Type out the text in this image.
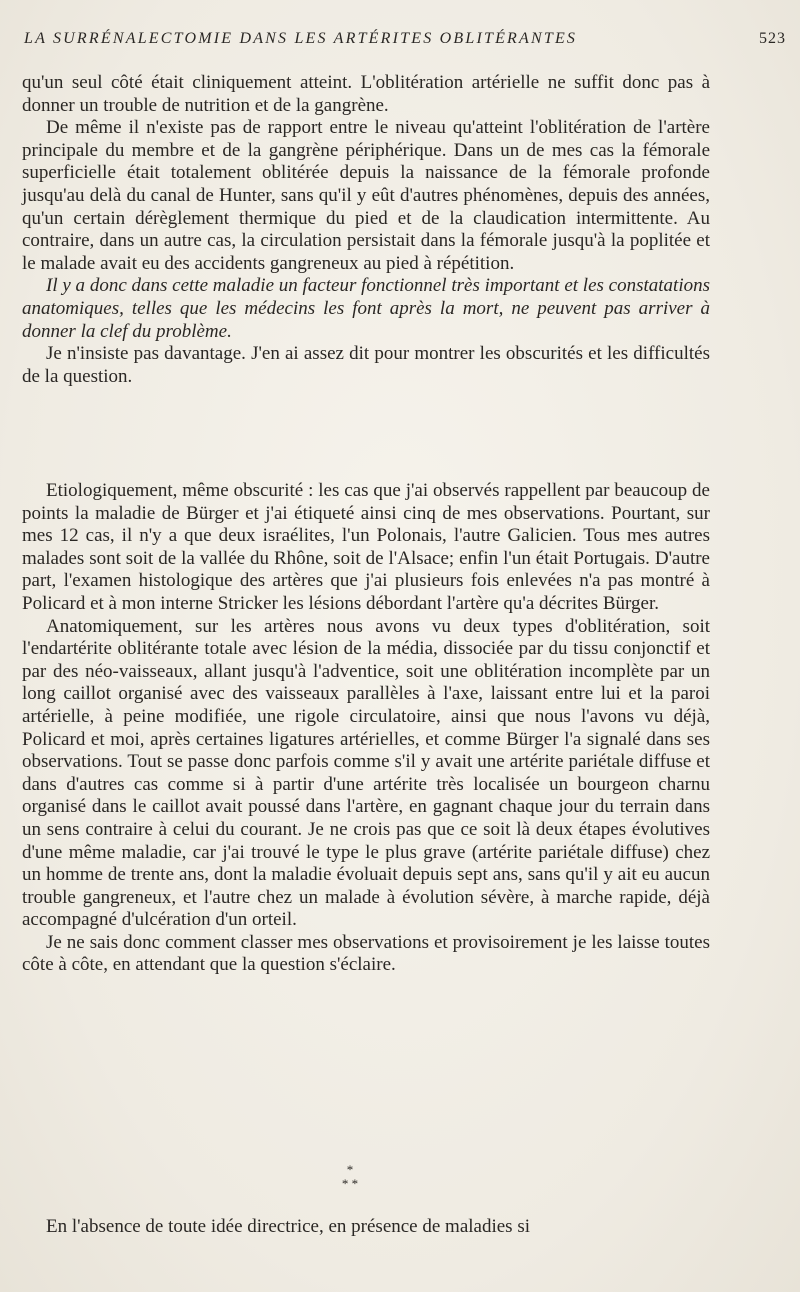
LA SURRÉNALECTOMIE DANS LES ARTÉRITES OBLITÉRANTES	523

qu'un seul côté était cliniquement atteint. L'oblitération artérielle ne suffit donc pas à donner un trouble de nutrition et de la gangrène.

De même il n'existe pas de rapport entre le niveau qu'atteint l'oblitération de l'artère principale du membre et de la gangrène périphérique. Dans un de mes cas la fémorale superficielle était totalement oblitérée depuis la naissance de la fémorale profonde jusqu'au delà du canal de Hunter, sans qu'il y eût d'autres phénomènes, depuis des années, qu'un certain dérèglement thermique du pied et de la claudication intermittente. Au contraire, dans un autre cas, la circulation persistait dans la fémorale jusqu'à la poplitée et le malade avait eu des accidents gangreneux au pied à répétition.

Il y a donc dans cette maladie un facteur fonctionnel très important et les constatations anatomiques, telles que les médecins les font après la mort, ne peuvent pas arriver à donner la clef du problème.

Je n'insiste pas davantage. J'en ai assez dit pour montrer les obscurités et les difficultés de la question.

Etiologiquement, même obscurité : les cas que j'ai observés rappellent par beaucoup de points la maladie de Bürger et j'ai étiqueté ainsi cinq de mes observations. Pourtant, sur mes 12 cas, il n'y a que deux israélites, l'un Polonais, l'autre Galicien. Tous mes autres malades sont soit de la vallée du Rhône, soit de l'Alsace; enfin l'un était Portugais. D'autre part, l'examen histologique des artères que j'ai plusieurs fois enlevées n'a pas montré à Policard et à mon interne Stricker les lésions débordant l'artère qu'a décrites Bürger.

Anatomiquement, sur les artères nous avons vu deux types d'oblitération, soit l'endartérite oblitérante totale avec lésion de la média, dissociée par du tissu conjonctif et par des néo-vaisseaux, allant jusqu'à l'adventice, soit une oblitération incomplète par un long caillot organisé avec des vaisseaux parallèles à l'axe, laissant entre lui et la paroi artérielle, à peine modifiée, une rigole circulatoire, ainsi que nous l'avons vu déjà, Policard et moi, après certaines ligatures artérielles, et comme Bürger l'a signalé dans ses observations. Tout se passe donc parfois comme s'il y avait une artérite pariétale diffuse et dans d'autres cas comme si à partir d'une artérite très localisée un bourgeon charnu organisé dans le caillot avait poussé dans l'artère, en gagnant chaque jour du terrain dans un sens contraire à celui du courant. Je ne crois pas que ce soit là deux étapes évolutives d'une même maladie, car j'ai trouvé le type le plus grave (artérite pariétale diffuse) chez un homme de trente ans, dont la maladie évoluait depuis sept ans, sans qu'il y ait eu aucun trouble gangreneux, et l'autre chez un malade à évolution sévère, à marche rapide, déjà accompagné d'ulcération d'un orteil.

Je ne sais donc comment classer mes observations et provisoirement je les laisse toutes côte à côte, en attendant que la question s'éclaire.

*
* *

En l'absence de toute idée directrice, en présence de maladies si
